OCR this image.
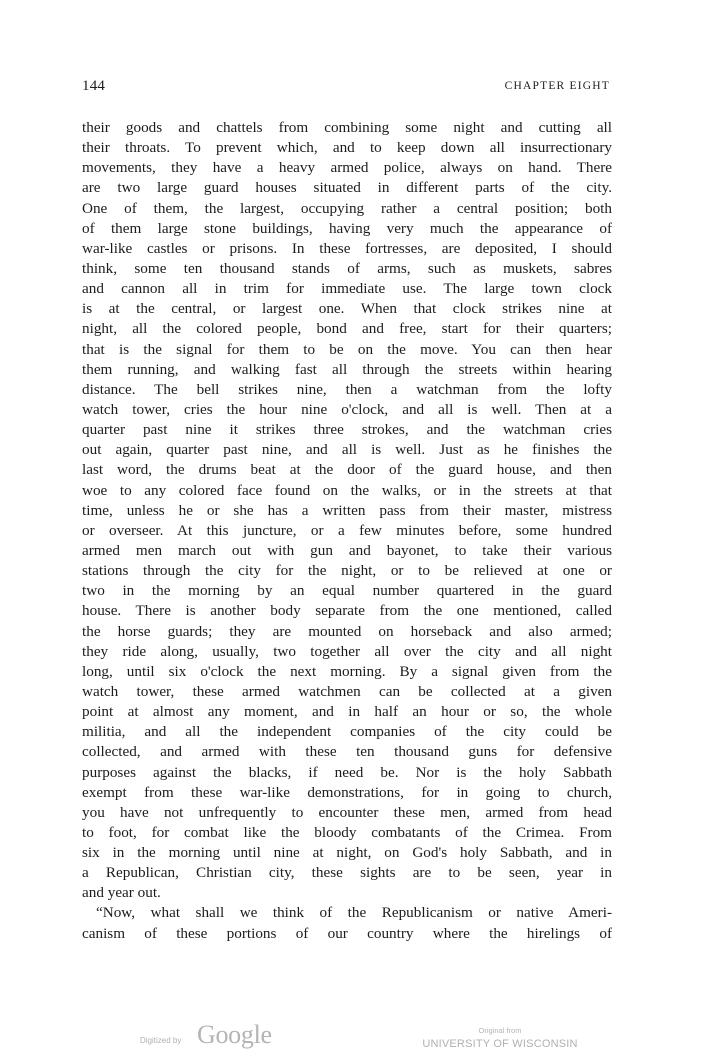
144	CHAPTER EIGHT
their goods and chattels from combining some night and cutting all
their throats. To prevent which, and to keep down all insurrectionary
movements, they have a heavy armed police, always on hand. There
are two large guard houses situated in different parts of the city.
One of them, the largest, occupying rather a central position; both
of them large stone buildings, having very much the appearance of
war-like castles or prisons. In these fortresses, are deposited, I should
think, some ten thousand stands of arms, such as muskets, sabres
and cannon all in trim for immediate use. The large town clock
is at the central, or largest one. When that clock strikes nine at
night, all the colored people, bond and free, start for their quarters;
that is the signal for them to be on the move. You can then hear
them running, and walking fast all through the streets within hearing
distance. The bell strikes nine, then a watchman from the lofty
watch tower, cries the hour nine o'clock, and all is well. Then at a
quarter past nine it strikes three strokes, and the watchman cries
out again, quarter past nine, and all is well. Just as he finishes the
last word, the drums beat at the door of the guard house, and then
woe to any colored face found on the walks, or in the streets at that
time, unless he or she has a written pass from their master, mistress
or overseer. At this juncture, or a few minutes before, some hundred
armed men march out with gun and bayonet, to take their various
stations through the city for the night, or to be relieved at one or
two in the morning by an equal number quartered in the guard
house. There is another body separate from the one mentioned, called
the horse guards; they are mounted on horseback and also armed;
they ride along, usually, two together all over the city and all night
long, until six o'clock the next morning. By a signal given from the
watch tower, these armed watchmen can be collected at a given
point at almost any moment, and in half an hour or so, the whole
militia, and all the independent companies of the city could be
collected, and armed with these ten thousand guns for defensive
purposes against the blacks, if need be. Nor is the holy Sabbath
exempt from these war-like demonstrations, for in going to church,
you have not unfrequently to encounter these men, armed from head
to foot, for combat like the bloody combatants of the Crimea. From
six in the morning until nine at night, on God's holy Sabbath, and in
a Republican, Christian city, these sights are to be seen, year in
and year out.
“Now, what shall we think of the Republicanism or native Ameri-
canism of these portions of our country where the hirelings of
Digitized by Google	Original from
UNIVERSITY OF WISCONSIN
